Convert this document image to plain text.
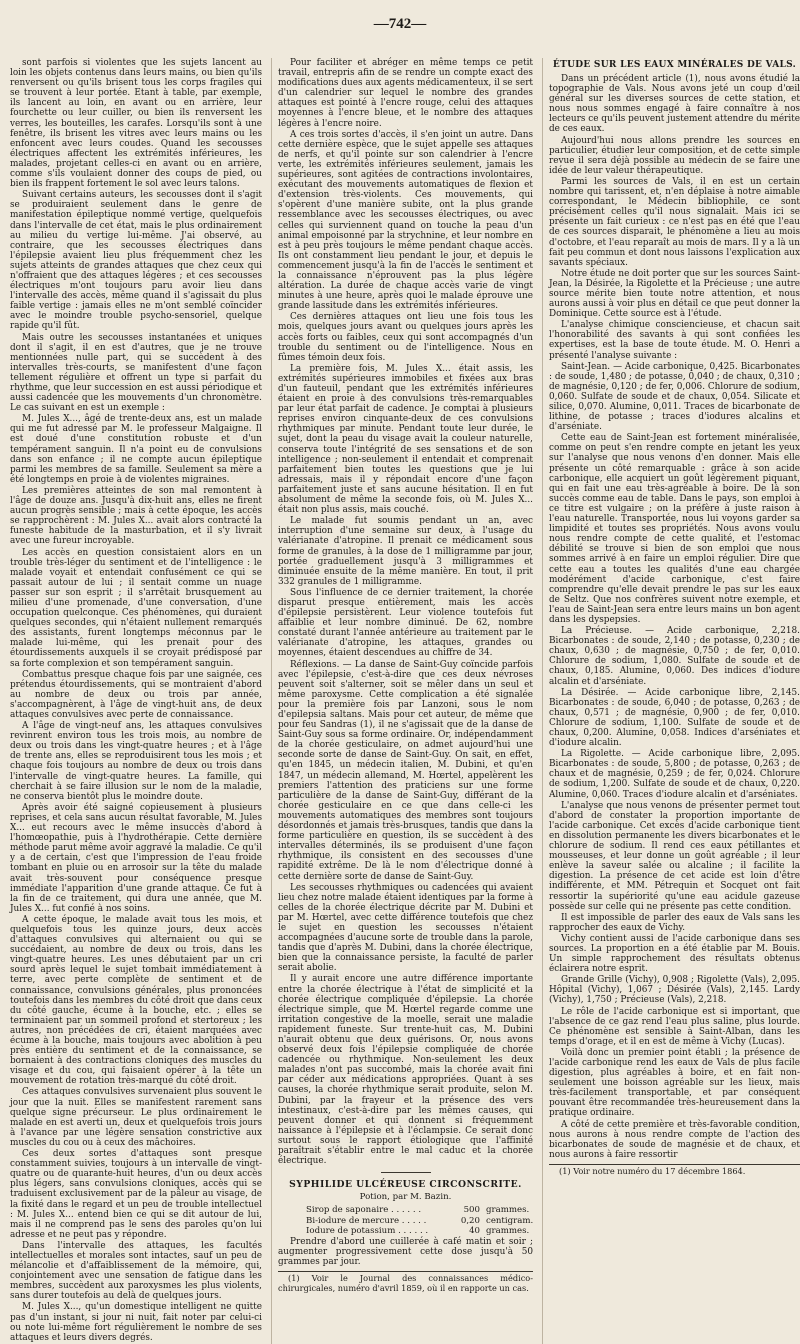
—742—

sont parfois si violentes que les sujets lancent au loin les objets contenus dans leurs mains, ou bien qu'ils renversent ou qu'ils brisent tous les corps fragiles qui se trouvent à leur portée. Etant à table, par exemple, ils lancent au loin, en avant ou en arrière, leur fourchette ou leur cuiller, ou bien ils renversent les verres, les bouteilles, les carafes. Lorsqu'ils sont à une fenêtre, ils brisent les vitres avec leurs mains ou les enfoncent avec leurs coudes. Quand les secousses électriques affectent les extrémités inférieures, les malades, projetant celles-ci en avant ou en arrière, comme s'ils voulaient donner des coups de pied, ou bien ils frappent fortement le sol avec leurs talons.

Suivant certains auteurs, les secousses dont il s'agit se produiraient seulement dans le genre de manifestation épileptique nommé vertige, quelquefois dans l'intervalle de cet état, mais le plus ordinairement au milieu du vertige lui-même. J'ai observé, au contraire, que les secousses électriques dans l'épilepsie avaient lieu plus fréquemment chez les sujets atteints de grandes attaques que chez ceux qui n'offraient que des attaques légères ; et ces secousses électriques m'ont toujours paru avoir lieu dans l'intervalle des accès, même quand il s'agissait du plus faible vertige : jamais elles ne m'ont semblé coïncider avec le moindre trouble psycho-sensoriel, quelque rapide qu'il fût.

Mais outre les secousses instantanées et uniques dont il s'agit, il en est d'autres, que je ne trouve mentionnées nulle part, qui se succèdent à des intervalles très-courts, se manifestent d'une façon tellement régulière et offrent un type si parfait du rhythme, que leur succession en est aussi périodique et aussi cadencée que les mouvements d'un chronomètre. Le cas suivant en est un exemple :

M. Jules X..., âgé de trente-deux ans, est un malade qui me fut adressé par M. le professeur Malgaigne. Il est doué d'une constitution robuste et d'un tempérament sanguin. Il n'a point eu de convulsions dans son enfance ; il ne compte aucun épileptique parmi les membres de sa famille. Seulement sa mère a été longtemps en proie à de violentes migraines.

Les premières atteintes de son mal remontent à l'âge de douze ans. Jusqu'à dix-huit ans, elles ne firent aucun progrès sensible ; mais à cette époque, les accès se rapprochèrent : M. Jules X... avait alors contracté la funeste habitude de la masturbation, et il s'y livrait avec une fureur incroyable.

Les accès en question consistaient alors en un trouble très-léger du sentiment et de l'intelligence : le malade voyait et entendait confusément ce qui se passait autour de lui ; il sentait comme un nuage passer sur son esprit ; il s'arrêtait brusquement au milieu d'une promenade, d'une conversation, d'une occupation quelconque. Ces phénomènes, qui duraient quelques secondes, qui n'étaient nullement remarqués des assistants, furent longtemps méconnus par le malade lui-même, qui les prenait pour des étourdissements auxquels il se croyait prédisposé par sa forte complexion et son tempérament sanguin.

Combattus presque chaque fois par une saignée, ces prétendus étourdissements, qui se montraient d'abord au nombre de deux ou trois par année, s'accompagnèrent, à l'âge de vingt-huit ans, de deux attaques convulsives avec perte de connaissance.

A l'âge de vingt-neuf ans, les attaques convulsives revinrent environ tous les trois mois, au nombre de deux ou trois dans les vingt-quatre heures ; et à l'âge de trente ans, elles se reproduisirent tous les mois ; et chaque fois toujours au nombre de deux ou trois dans l'intervalle de vingt-quatre heures. La famille, qui cherchait à se faire illusion sur le nom de la maladie, ne conserva bientôt plus le moindre doute.

Après avoir été saigné copieusement à plusieurs reprises, et cela sans aucun résultat favorable, M. Jules X... eut recours avec le même insuccès d'abord à l'homœopathie, puis à l'hydrothérapie. Cette dernière méthode parut même avoir aggravé la maladie. Ce qu'il y a de certain, c'est que l'impression de l'eau froide tombant en pluie ou en arrosoir sur la tête du malade avait très-souvent pour conséquence presque immédiate l'apparition d'une grande attaque. Ce fut à la fin de ce traitement, qui dura une année, que M. Jules X... fut confié à nos soins.

A cette époque, le malade avait tous les mois, et quelquefois tous les quinze jours, deux accès d'attaques convulsives qui alternaient ou qui se succédaient, au nombre de deux ou trois, dans les vingt-quatre heures. Les unes débutaient par un cri sourd après lequel le sujet tombait immédiatement à terre, avec perte complète de sentiment et de connaissance, convulsions générales, plus prononcées toutefois dans les membres du côté droit que dans ceux du côté gauche, écume à la bouche, etc. ; elles se terminaient par un sommeil profond et stertoreux ; les autres, non précédées de cri, étaient marquées avec écume à la bouche, mais toujours avec abolition à peu près entière du sentiment et de la connaissance, se bornaient à des contractions cloniques des muscles du visage et du cou, qui faisaient opérer à la tête un mouvement de rotation très-marqué du côté droit.

Ces attaques convulsives survenaient plus souvent le jour que la nuit. Elles se manifestent rarement sans quelque signe précurseur. Le plus ordinairement le malade en est averti un, deux et quelquefois trois jours à l'avance par une légère sensation constrictive aux muscles du cou ou à ceux des mâchoires.

Ces deux sortes d'attaques sont presque constamment suivies, toujours à un intervalle de vingt-quatre ou de quarante-huit heures, d'un ou deux accès plus légers, sans convulsions cloniques, accès qui se traduisent exclusivement par de la pâleur au visage, de la fixité dans le regard et un peu de trouble intellectuel : M. Jules X... entend bien ce qui se dit autour de lui, mais il ne comprend pas le sens des paroles qu'on lui adresse et ne peut pas y répondre.

Dans l'intervalle des attaques, les facultés intellectuelles et morales sont intactes, sauf un peu de mélancolie et d'affaiblissement de la mémoire, qui, conjointement avec une sensation de fatigue dans les membres, succèdent aux paroxysmes les plus violents, sans durer toutefois au delà de quelques jours.

M. Jules X..., qu'un domestique intelligent ne quitte pas d'un instant, si jour ni nuit, fait noter par celui-ci ou note lui-même fort régulièrement le nombre de ses attaques et leurs divers degrés.

Pour faciliter et abréger en même temps ce petit travail, entrepris afin de se rendre un compte exact des modifications dues aux agents médicamenteux, il se sert d'un calendrier sur lequel le nombre des grandes attaques est pointé à l'encre rouge, celui des attaques moyennes à l'encre bleue, et le nombre des attaques légères à l'encre noire.

A ces trois sortes d'accès, il s'en joint un autre. Dans cette dernière espèce, que le sujet appelle ses attaques de nerfs, et qu'il pointe sur son calendrier à l'encre verte, les extrémités inférieures seulement, jamais les supérieures, sont agitées de contractions involontaires, exécutant des mouvements automatiques de flexion et d'extension très-violents. Ces mouvements, qui s'opèrent d'une manière subite, ont la plus grande ressemblance avec les secousses électriques, ou avec celles qui surviennent quand on touche la peau d'un animal empoisonné par la strychnine, et leur nombre en est à peu près toujours le même pendant chaque accès. Ils ont constamment lieu pendant le jour, et depuis le commencement jusqu'à la fin de l'accès le sentiment et la connaissance n'éprouvent pas la plus légère altération. La durée de chaque accès varie de vingt minutes à une heure, après quoi le malade éprouve une grande lassitude dans les extrémités inférieures.

Ces dernières attaques ont lieu une fois tous les mois, quelques jours avant ou quelques jours après les accès forts ou faibles, ceux qui sont accompagnés d'un trouble du sentiment ou de l'intelligence. Nous en fûmes témoin deux fois.

La première fois, M. Jules X... était assis, les extrémités supérieures immobiles et fixées aux bras d'un fauteuil, pendant que les extrémités inférieures étaient en proie à des convulsions très-remarquables par leur état parfait de cadence. Je comptai à plusieurs reprises environ cinquante-deux de ces convulsions rhythmiques par minute. Pendant toute leur durée, le sujet, dont la peau du visage avait la couleur naturelle, conserva toute l'intégrité de ses sensations et de son intelligence ; non-seulement il entendait et comprenait parfaitement bien toutes les questions que je lui adressais, mais il y répondait encore d'une façon parfaitement juste et sans aucune hésitation. Il en fut absolument de même la seconde fois, où M. Jules X... était non plus assis, mais couché.

Le malade fut soumis pendant un an, avec interruption d'une semaine sur deux, à l'usage du valérianate d'atropine. Il prenait ce médicament sous forme de granules, à la dose de 1 milligramme par jour, portée graduellement jusqu'à 3 milligrammes et diminuée ensuite de la même manière. En tout, il prit 332 granules de 1 milligramme.

Sous l'influence de ce dernier traitement, la chorée disparut presque entièrement, mais les accès d'épilepsie persistèrent. Leur violence toutefois fut affaiblie et leur nombre diminué. De 62, nombre constaté durant l'année antérieure au traitement par le valérianate d'atropine, les attaques, grandes ou moyennes, étaient descendues au chiffre de 34.

Réflexions. — La danse de Saint-Guy coïncide parfois avec l'épilepsie, c'est-à-dire que ces deux névroses peuvent soit s'alterner, soit se mêler dans un seul et même paroxysme. Cette complication a été signalée pour la première fois par Lanzoni, sous le nom d'epilepsia saltans. Mais pour cet auteur, de même que pour feu Sandras (1), il ne s'agissait que de la danse de Saint-Guy sous sa forme ordinaire. Or, indépendamment de la chorée gesticulaire, on admet aujourd'hui une seconde sorte de danse de Saint-Guy. On sait, en effet, qu'en 1845, un médecin italien, M. Dubini, et qu'en 1847, un médecin allemand, M. Hœrtel, appelèrent les premiers l'attention des praticiens sur une forme particulière de la danse de Saint-Guy, différant de la chorée gesticulaire en ce que dans celle-ci les mouvements automatiques des membres sont toujours désordonnés et jamais très-brusques, tandis que dans la forme particulière en question, ils se succèdent à des intervalles déterminés, ils se produisent d'une façon rhythmique, ils consistent en des secousses d'une rapidité extrême. De là le nom d'électrique donné à cette dernière sorte de danse de Saint-Guy.

Les secousses rhythmiques ou cadencées qui avaient lieu chez notre malade étaient identiques par la forme à celles de la chorée électrique décrite par M. Dubini et par M. Hœrtel, avec cette différence toutefois que chez le sujet en question les secousses n'étaient accompagnées d'aucune sorte de trouble dans la parole, tandis que d'après M. Dubini, dans la chorée électrique, bien que la connaissance persiste, la faculté de parler serait abolie.

Il y aurait encore une autre différence importante entre la chorée électrique à l'état de simplicité et la chorée électrique compliquée d'épilepsie. La chorée électrique simple, que M. Hœrtel regarde comme une irritation congestive de la moelle, serait une maladie rapidement funeste. Sur trente-huit cas, M. Dubini n'aurait obtenu que deux guérisons. Or, nous avons observé deux fois l'épilepsie compliquée de chorée cadencée ou rhythmique. Non-seulement les deux malades n'ont pas succombé, mais la chorée avait fini par céder aux médications appropriées. Quant à ses causes, la chorée rhythmique serait produite, selon M. Dubini, par la frayeur et la présence des vers intestinaux, c'est-à-dire par les mêmes causes, qui peuvent donner et qui donnent si fréquemment naissance à l'épilepsie et à l'éclampsie. Ce serait donc surtout sous le rapport étiologique que l'affinité paraîtrait s'établir entre le mal caduc et la chorée électrique.

SYPHILIDE ULCÉREUSE CIRCONSCRITE.
Potion, par M. Bazin.
Sirop de saponaire . . . . . .	500 grammes.
Bi-iodure de mercure . . . . .	0,20 centigram.
Iodure de potassium . . . . . .	40 grammes.

Prendre d'abord une cuillerée à café matin et soir ; augmenter progressivement cette dose jusqu'à 50 grammes par jour.

(1) Voir le Journal des connaissances médico-chirurgicales, numéro d'avril 1859, où il en rapporte un cas.

ÉTUDE SUR LES EAUX MINÉRALES DE VALS.

Dans un précédent article (1), nous avons étudié la topographie de Vals. Nous avons jeté un coup d'œil général sur les diverses sources de cette station, et nous nous sommes engagé à faire connaître à nos lecteurs ce qu'ils peuvent justement attendre du mérite de ces eaux.

Aujourd'hui nous allons prendre les sources en particulier, étudier leur composition, et de cette simple revue il sera déjà possible au médecin de se faire une idée de leur valeur thérapeutique.

Parmi les sources de Vals, il en est un certain nombre qui tarissent, et, n'en déplaise à notre aimable correspondant, le Médecin bibliophile, ce sont précisément celles qu'il nous signalait. Mais ici se présente un fait curieux : ce n'est pas en été que l'eau de ces sources disparait, le phénomène a lieu au mois d'octobre, et l'eau reparaît au mois de mars. Il y a là un fait peu commun et dont nous laissons l'explication aux savants spéciaux.

Notre étude ne doit porter que sur les sources Saint-Jean, la Désirée, la Rigolette et la Précieuse ; une autre source mérite bien toute notre attention, et nous aurons aussi à voir plus en détail ce que peut donner la Dominique. Cette source est à l'étude.

L'analyse chimique consciencieuse, et chacun sait l'honorabilité des savants à qui sont confiées les expertises, est la base de toute étude. M. O. Henri a présenté l'analyse suivante :

Saint-Jean. — Acide carbonique, 0,425. Bicarbonates : de soude, 1,480 ; de potasse, 0,040 ; de chaux, 0,310 ; de magnésie, 0,120 ; de fer, 0,006. Chlorure de sodium, 0,060. Sulfate de soude et de chaux, 0,054. Silicate et silice, 0,070. Alumine, 0,011. Traces de bicarbonate de lithine, de potasse ; traces d'iodures alcalins et d'arséniate.

Cette eau de Saint-Jean est fortement minéralisée, comme on peut s'en rendre compte en jetant les yeux sur l'analyse que nous venons d'en donner. Mais elle présente un côté remarquable : grâce à son acide carbonique, elle acquiert un goût légèrement piquant, qui en fait une eau très-agréable à boire. De là son succès comme eau de table. Dans le pays, son emploi à ce titre est vulgaire ; on la préfère à juste raison à l'eau naturelle. Transportée, nous lui voyons garder sa limpidité et toutes ses propriétés. Nous avons voulu nous rendre compte de cette qualité, et l'estomac débilité se trouve si bien de son emploi que nous sommes arrivé à en faire un emploi régulier. Dire que cette eau a toutes les qualités d'une eau chargée modérément d'acide carbonique, c'est faire comprendre qu'elle devait prendre le pas sur les eaux de Seltz. Que nos confrères suivent notre exemple, et l'eau de Saint-Jean sera entre leurs mains un bon agent dans les dyspepsies.

La Précieuse. — Acide carbonique, 2,218. Bicarbonates : de soude, 2,140 ; de potasse, 0,230 ; de chaux, 0,630 ; de magnésie, 0,750 ; de fer, 0,010. Chlorure de sodium, 1,080. Sulfate de soude et de chaux, 0,185. Alumine, 0,060. Des indices d'iodure alcalin et d'arséniate.

La Désirée. — Acide carbonique libre, 2,145. Bicarbonates : de soude, 6,040 ; de potasse, 0,263 ; de chaux, 0,571 ; de magnésie, 0,900 ; de fer, 0,010. Chlorure de sodium, 1,100. Sulfate de soude et de chaux, 0,200. Alumine, 0,058. Indices d'arséniates et d'iodure alcalin.

La Rigolette. — Acide carbonique libre, 2,095. Bicarbonates : de soude, 5,800 ; de potasse, 0,263 ; de chaux et de magnésie, 0,259 ; de fer, 0,024. Chlorure de sodium, 1,200. Sulfate de soude et de chaux, 0,220. Alumine, 0,060. Traces d'iodure alcalin et d'arséniates.

L'analyse que nous venons de présenter permet tout d'abord de constater la proportion importante de l'acide carbonique. Cet excès d'acide carbonique tient en dissolution permanente les divers bicarbonates et le chlorure de sodium. Il rend ces eaux pétillantes et mousseuses, et leur donne un goût agréable ; il leur enlève la saveur salée ou alcaline ; il facilite la digestion. La présence de cet acide est loin d'être indifférente, et MM. Pétrequin et Socquet ont fait ressortir la supériorité qu'une eau acidule gazeuse possède sur celle qui ne présente pas cette condition.

Il est impossible de parler des eaux de Vals sans les rapprocher des eaux de Vichy.

Vichy contient aussi de l'acide carbonique dans ses sources. La proportion en a été établie par M. Bouis. Un simple rapprochement des résultats obtenus éclairera notre esprit.

Grande Grille (Vichy), 0,908 ; Rigolette (Vals), 2,095. Hôpital (Vichy), 1,067 ; Désirée (Vals), 2,145. Lardy (Vichy), 1,750 ; Précieuse (Vals), 2,218.

Le rôle de l'acide carbonique est si important, que l'absence de ce gaz rend l'eau plus saline, plus lourde. Ce phénomène est sensible à Saint-Alban, dans les temps d'orage, et il en est de même à Vichy (Lucas).

Voilà donc un premier point établi ; la présence de l'acide carbonique rend les eaux de Vals de plus facile digestion, plus agréables à boire, et en fait non-seulement une boisson agréable sur les lieux, mais très-facilement transportable, et par conséquent pouvant être recommandée très-heureusement dans la pratique ordinaire.

A côté de cette première et très-favorable condition, nous aurons à nous rendre compte de l'action des bicarbonates de soude de magnésie et de chaux, et nous aurons à faire ressortir

(1) Voir notre numéro du 17 décembre 1864.
